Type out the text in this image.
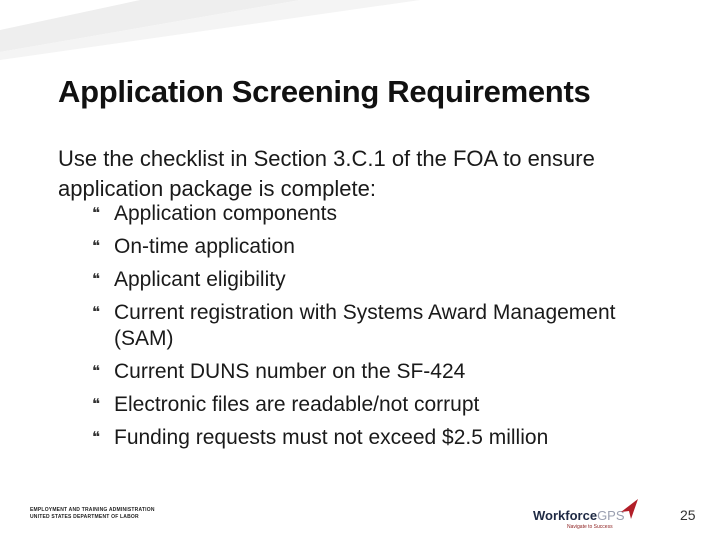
Application Screening Requirements
Use the checklist in Section 3.C.1 of the FOA to ensure application package is complete:
❝ Application components
❝ On-time application
❝ Applicant eligibility
❝ Current registration with Systems Award Management (SAM)
❝ Current DUNS number on the SF-424
❝ Electronic files are readable/not corrupt
❝ Funding requests must not exceed $2.5 million
EMPLOYMENT AND TRAINING ADMINISTRATION
UNITED STATES DEPARTMENT OF LABOR	WorkforceGPS
Navigate to Success
25
